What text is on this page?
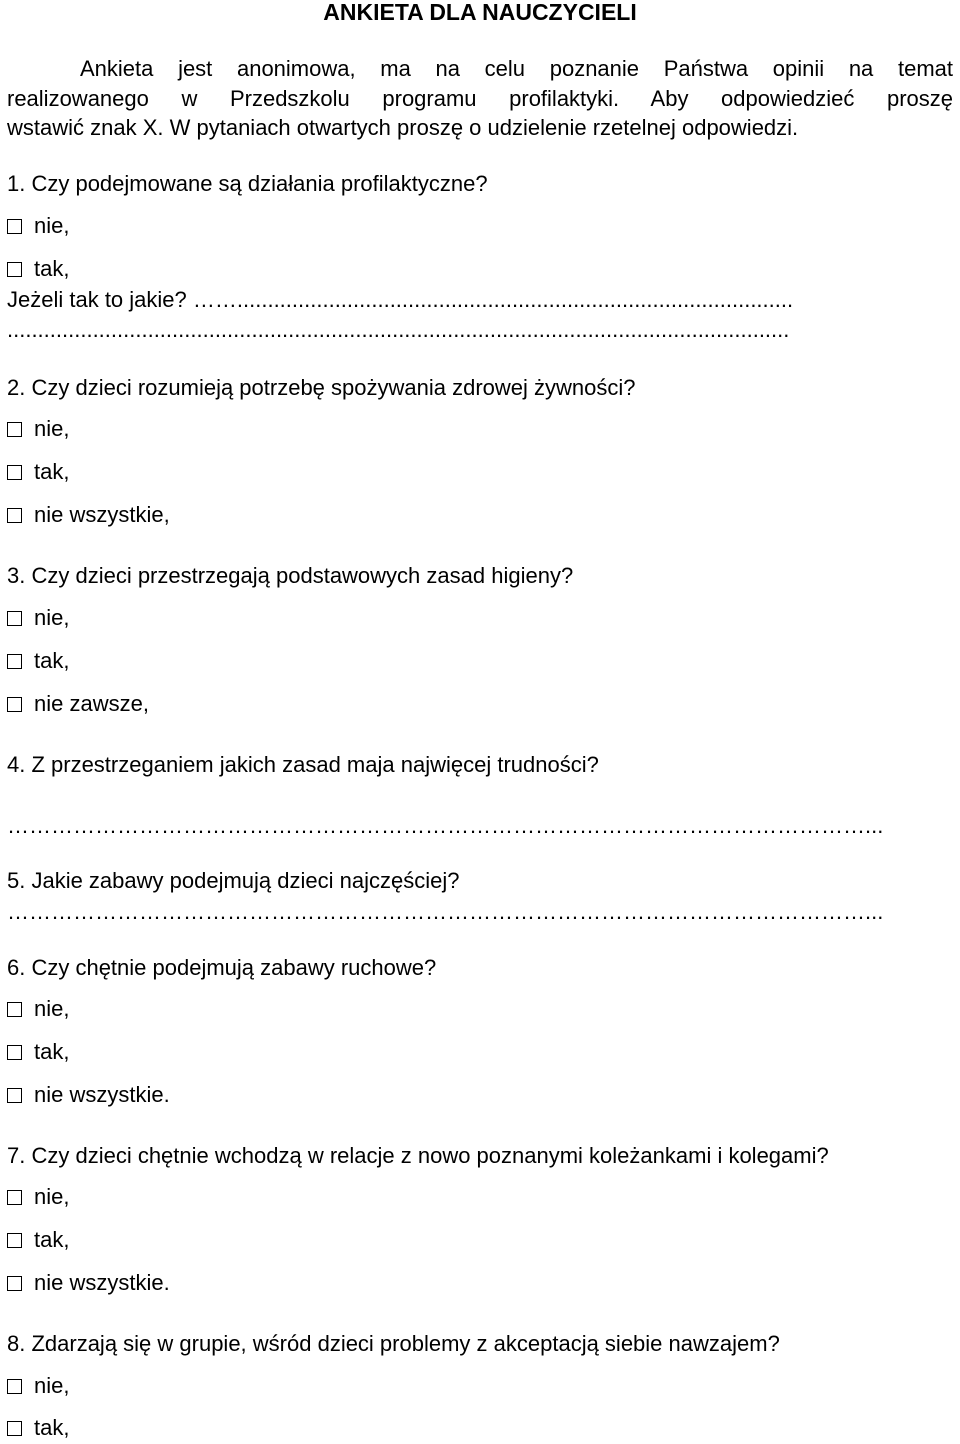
ANKIETA DLA NAUCZYCIELI
Ankieta jest anonimowa, ma na celu poznanie Państwa opinii na temat
realizowanego w Przedszkolu programu profilaktyki. Aby odpowiedzieć proszę
wstawić znak X. W pytaniach otwartych proszę o udzielenie rzetelnej odpowiedzi.
1. Czy podejmowane są działania profilaktyczne?
nie,
tak,
Jeżeli tak to jakie? ……...........................................................................................
................................................................................................................................
2. Czy dzieci rozumieją potrzebę spożywania zdrowej żywności?
nie,
tak,
nie wszystkie,
3. Czy dzieci przestrzegają podstawowych zasad higieny?
nie,
tak,
nie zawsze,
4. Z przestrzeganiem jakich zasad maja najwięcej trudności?
………………………………………………………………………………………………………...
5. Jakie zabawy podejmują dzieci najczęściej?
………………………………………………………………………………………………………...
6. Czy chętnie podejmują zabawy ruchowe?
nie,
tak,
nie wszystkie.
7. Czy dzieci chętnie wchodzą w relacje z nowo poznanymi koleżankami i kolegami?
nie,
tak,
nie wszystkie.
8. Zdarzają się w grupie, wśród dzieci problemy z akceptacją siebie nawzajem?
nie,
tak,
